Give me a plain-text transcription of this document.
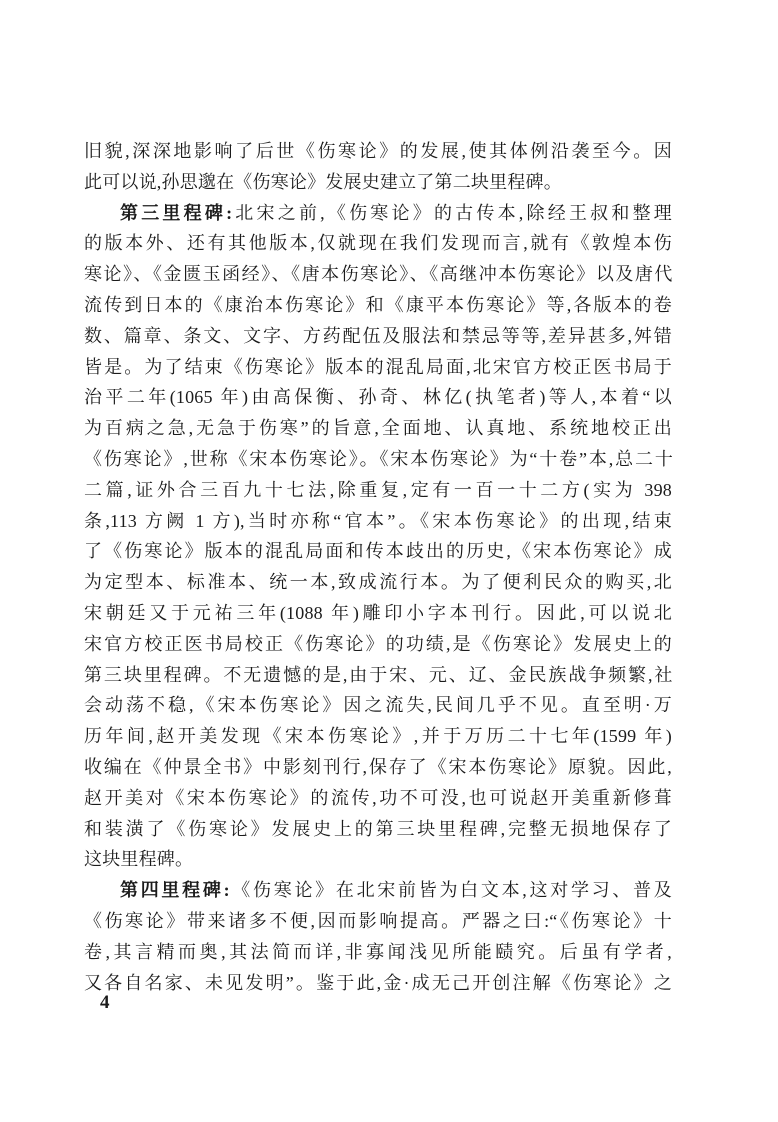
旧貌,深深地影响了后世《伤寒论》的发展,使其体例沿袭至今。因
此可以说,孙思邈在《伤寒论》发展史建立了第二块里程碑。
第三里程碑:北宋之前,《伤寒论》的古传本,除经王叔和整理
的版本外、还有其他版本,仅就现在我们发现而言,就有《敦煌本伤
寒论》、《金匮玉函经》、《唐本伤寒论》、《高继冲本伤寒论》以及唐代
流传到日本的《康治本伤寒论》和《康平本伤寒论》等,各版本的卷
数、篇章、条文、文字、方药配伍及服法和禁忌等等,差异甚多,舛错
皆是。为了结束《伤寒论》版本的混乱局面,北宋官方校正医书局于
治平二年(1065 年)由高保衡、孙奇、林亿(执笔者)等人,本着“以
为百病之急,无急于伤寒”的旨意,全面地、认真地、系统地校正出
《伤寒论》,世称《宋本伤寒论》。《宋本伤寒论》为“十卷”本,总二十
二篇,证外合三百九十七法,除重复,定有一百一十二方(实为 398
条,113 方阙 1 方),当时亦称“官本”。《宋本伤寒论》的出现,结束
了《伤寒论》版本的混乱局面和传本歧出的历史,《宋本伤寒论》成
为定型本、标准本、统一本,致成流行本。为了便利民众的购买,北
宋朝廷又于元祐三年(1088 年)雕印小字本刊行。因此,可以说北
宋官方校正医书局校正《伤寒论》的功绩,是《伤寒论》发展史上的
第三块里程碑。不无遗憾的是,由于宋、元、辽、金民族战争频繁,社
会动荡不稳,《宋本伤寒论》因之流失,民间几乎不见。直至明·万
历年间,赵开美发现《宋本伤寒论》,并于万历二十七年(1599 年)
收编在《仲景全书》中影刻刊行,保存了《宋本伤寒论》原貌。因此,
赵开美对《宋本伤寒论》的流传,功不可没,也可说赵开美重新修葺
和装潢了《伤寒论》发展史上的第三块里程碑,完整无损地保存了
这块里程碑。
第四里程碑:《伤寒论》在北宋前皆为白文本,这对学习、普及
《伤寒论》带来诸多不便,因而影响提高。严器之曰:“《伤寒论》十
卷,其言精而奥,其法简而详,非寡闻浅见所能赜究。后虽有学者,
又各自名家、未见发明”。鉴于此,金·成无己开创注解《伤寒论》之
4
